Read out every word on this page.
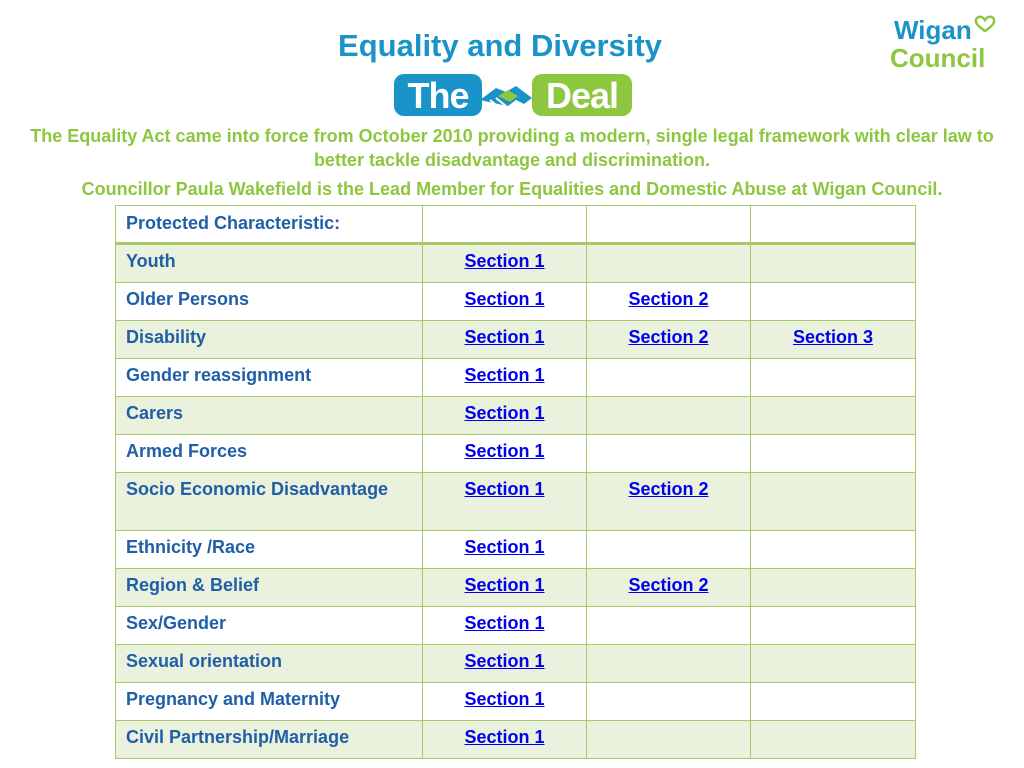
Equality and Diversity
The Deal
Wigan
Council

The Equality Act came into force from October 2010 providing a modern, single legal framework with clear law to better tackle disadvantage and discrimination.

Councillor Paula Wakefield is the Lead Member for Equalities and Domestic Abuse at Wigan Council.

Protected Characteristic:			
Youth	Section 1		
Older Persons	Section 1	Section 2	
Disability	Section 1	Section 2	Section 3
Gender reassignment	Section 1		
Carers	Section 1		
Armed Forces	Section 1		
Socio Economic Disadvantage	Section 1	Section 2	
Ethnicity /Race	Section 1		
Region & Belief	Section 1	Section 2	
Sex/Gender	Section 1		
Sexual orientation	Section 1		
Pregnancy and Maternity	Section 1		
Civil Partnership/Marriage	Section 1		
